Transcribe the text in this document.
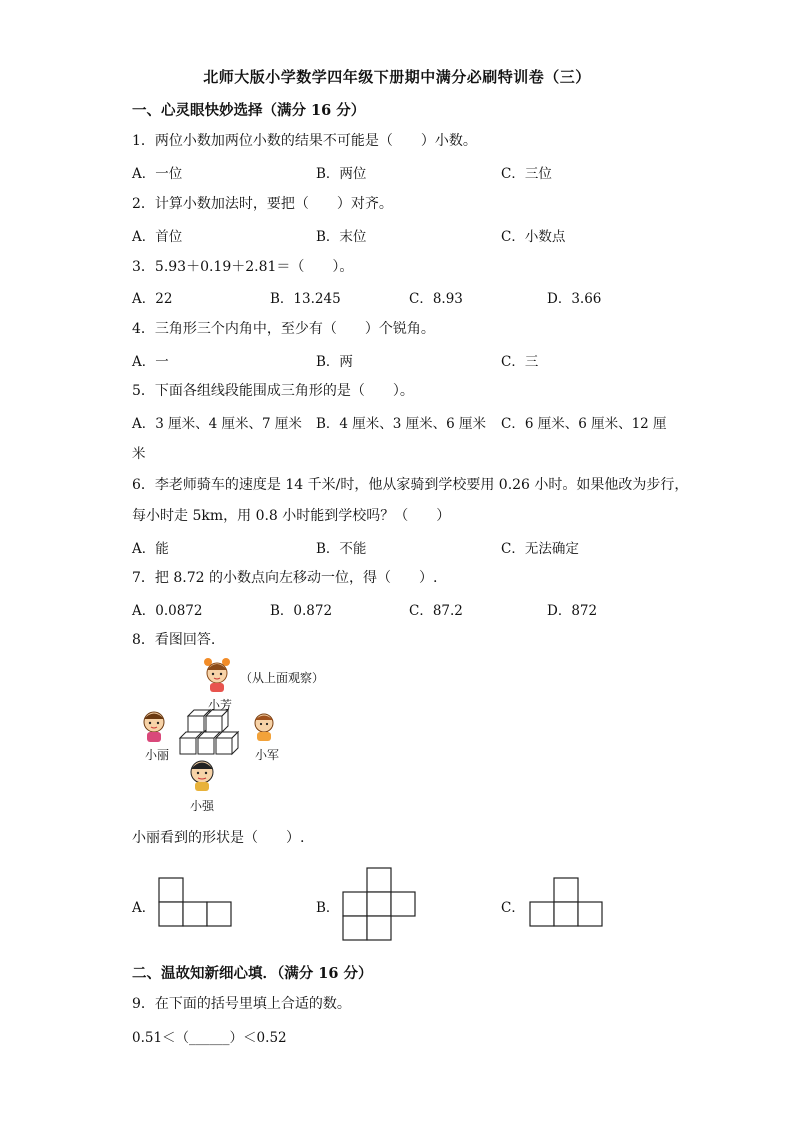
北师大版小学数学四年级下册期中满分必刷特训卷（三）
一、心灵眼快妙选择（满分 16 分）
1．两位小数加两位小数的结果不可能是（　　）小数。
A．一位	B．两位	C．三位
2．计算小数加法时，要把（　　）对齐。
A．首位	B．末位	C．小数点
3．5.93＋0.19＋2.81＝（　　）。
A．22	B．13.245	C．8.93	D．3.66
4．三角形三个内角中，至少有（　　）个锐角。
A．一	B．两	C．三
5．下面各组线段能围成三角形的是（　　）。
A．3 厘米、4 厘米、7 厘米 B．4 厘米、3 厘米、6 厘米 C．6 厘米、6 厘米、12 厘
米
6．李老师骑车的速度是 14 千米/时，他从家骑到学校要用 0.26 小时。如果他改为步行，
每小时走 5km，用 0.8 小时能到学校吗？（　　）
A．能	B．不能	C．无法确定
7．把 8.72 的小数点向左移动一位，得（　　）.
A．0.0872	B．0.872	C．87.2	D．872
8．看图回答.
（从上面观察）
小芳
小丽	小军
小强
小丽看到的形状是（　　）.
A．	B．	C．
二、温故知新细心填．（满分 16 分）
9．在下面的括号里填上合适的数。
0.51＜（______）＜0.52
